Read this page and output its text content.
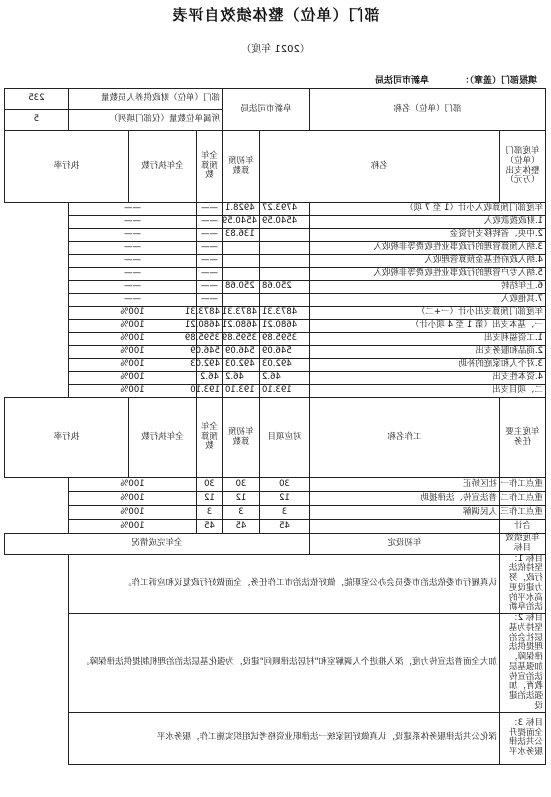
部门（单位）整体绩效自评表
（2021 年度）
填报部门（盖章）：
阜新市司法局
部门（单位）名称		阜新市司法局		部门（单位）财政供养人员数量			235
				所属单位数量（仅部门填列）			5
年度部门（单位）整体支出（万元）	名称		年初预算数	全年预算数	全年执行数	执行率	
年度部门预算收入小计（1 至 7 项）		4793.27	4928.1	——	——		
1.财政拨款收入		4540.59	4540.59	——	——		
2.中央、省转移支付资金			136.83	——	——		
3.纳入预算管理的行政事业性收费等非税收入				——	——		
4.纳入政府性基金预算管理收入				——	——		
5.纳入专户管理的行政事业性收费等非税收入				——	——		
6.上年结转		250.68	250.68	——	——		
7.其他收入				——	——		
年度部门预算支出小计（一+二）		4873.31	4873.31	4873.31	100%		
一、基本支出（第 1 至 4 项小计）		4680.21	4680.21	4680.21	100%		
1.工资福利支出		3595.89	3595.89	3595.89	100%		
2.商品和服务支出		546.09	546.09	546.09	100%		
3.对个人和家庭的补助		492.03	492.03	492.03	100%		
4.资本性支出		46.2	46.2	46.2	100%		
二、项目支出		193.10	193.10	193.10	100%		
年度主要任务	工作名称	对应项目	年初预算数	全年预算数	全年执行数	执行率	
重点工作一	社区矫正	30	30	30	100%		
重点工作二	普法宣传、法律援助	12	12	12	100%		
重点工作三	人民调解	3	3	3	100%		
合计		45	45	45	100%		
年度绩效目标	年初设定	全年完成情况					
目标 1：坚持依法行政，努力建设更高水平的法治阜新	认真履行市委依法治市委员会办公室职能，做好依法治市工作任务，全面做好行政复议和应诉工作。						
目标 2：坚持为基层社会治理提供法律保障，加强基层法治宣传教育，加强法治建设	加大全面普法宣传力度，深入推进个人调解室和"村居法律顾问"建设，为强化基层法治治理机制提供法律保障。						
目标 3：全面提升公共法律服务水平	深化公共法律服务体系建设，认真做好国家统一法律职业资格考试组织实施工作，服务水平						
